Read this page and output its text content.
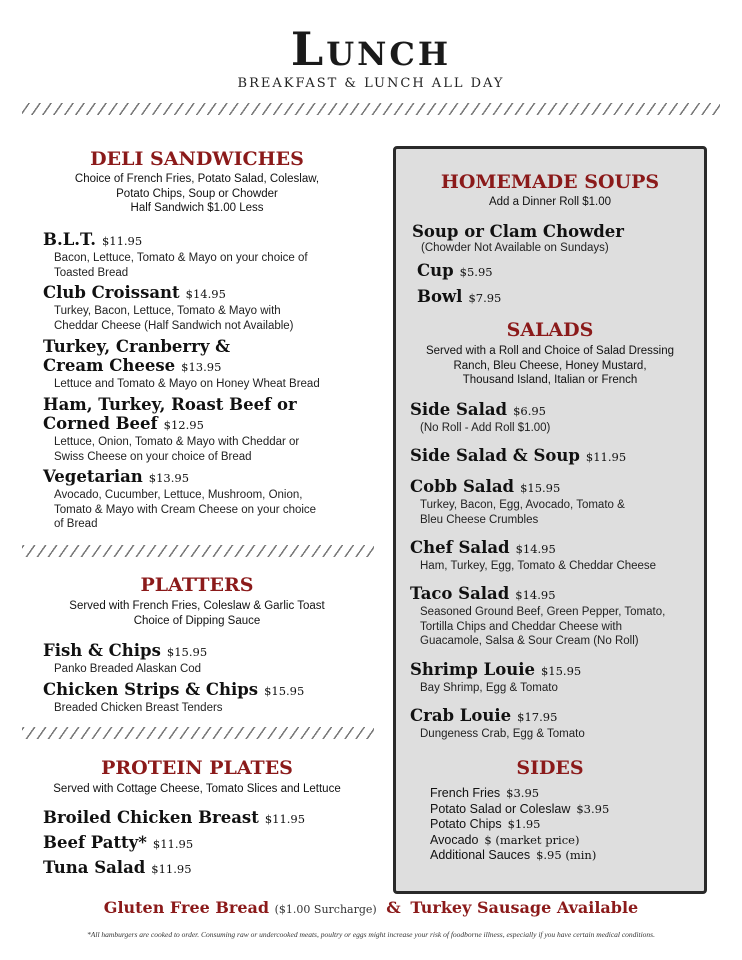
Lunch
BREAKFAST & LUNCH ALL DAY
DELI SANDWICHES
Choice of French Fries, Potato Salad, Coleslaw,
Potato Chips, Soup or Chowder
Half Sandwich $1.00 Less
B.L.T. $11.95
Bacon, Lettuce, Tomato & Mayo on your choice of
Toasted Bread
Club Croissant $14.95
Turkey, Bacon, Lettuce, Tomato & Mayo with
Cheddar Cheese (Half Sandwich not Available)
Turkey, Cranberry &
Cream Cheese $13.95
Lettuce and Tomato & Mayo on Honey Wheat Bread
Ham, Turkey, Roast Beef or
Corned Beef $12.95
Lettuce, Onion, Tomato & Mayo with Cheddar or
Swiss Cheese on your choice of Bread
Vegetarian $13.95
Avocado, Cucumber, Lettuce, Mushroom, Onion,
Tomato & Mayo with Cream Cheese on your choice
of Bread
PLATTERS
Served with French Fries, Coleslaw & Garlic Toast
Choice of Dipping Sauce
Fish & Chips $15.95
Panko Breaded Alaskan Cod
Chicken Strips & Chips $15.95
Breaded Chicken Breast Tenders
PROTEIN PLATES
Served with Cottage Cheese, Tomato Slices and Lettuce
Broiled Chicken Breast $11.95
Beef Patty* $11.95
Tuna Salad $11.95
HOMEMADE SOUPS
Add a Dinner Roll $1.00
Soup or Clam Chowder
(Chowder Not Available on Sundays)
Cup $5.95
Bowl $7.95
SALADS
Served with a Roll and Choice of Salad Dressing
Ranch, Bleu Cheese, Honey Mustard,
Thousand Island, Italian or French
Side Salad $6.95
(No Roll - Add Roll $1.00)
Side Salad & Soup $11.95
Cobb Salad $15.95
Turkey, Bacon, Egg, Avocado, Tomato &
Bleu Cheese Crumbles
Chef Salad $14.95
Ham, Turkey, Egg, Tomato & Cheddar Cheese
Taco Salad $14.95
Seasoned Ground Beef, Green Pepper, Tomato,
Tortilla Chips and Cheddar Cheese with
Guacamole, Salsa & Sour Cream (No Roll)
Shrimp Louie $15.95
Bay Shrimp, Egg & Tomato
Crab Louie $17.95
Dungeness Crab, Egg & Tomato
SIDES
French Fries $3.95
Potato Salad or Coleslaw $3.95
Potato Chips $1.95
Avocado $ (market price)
Additional Sauces $.95 (min)
Gluten Free Bread ($1.00 Surcharge) & Turkey Sausage Available
*All hamburgers are cooked to order. Consuming raw or undercooked meats, poultry or eggs might increase your risk of foodborne illness, especially if you have certain medical conditions.
